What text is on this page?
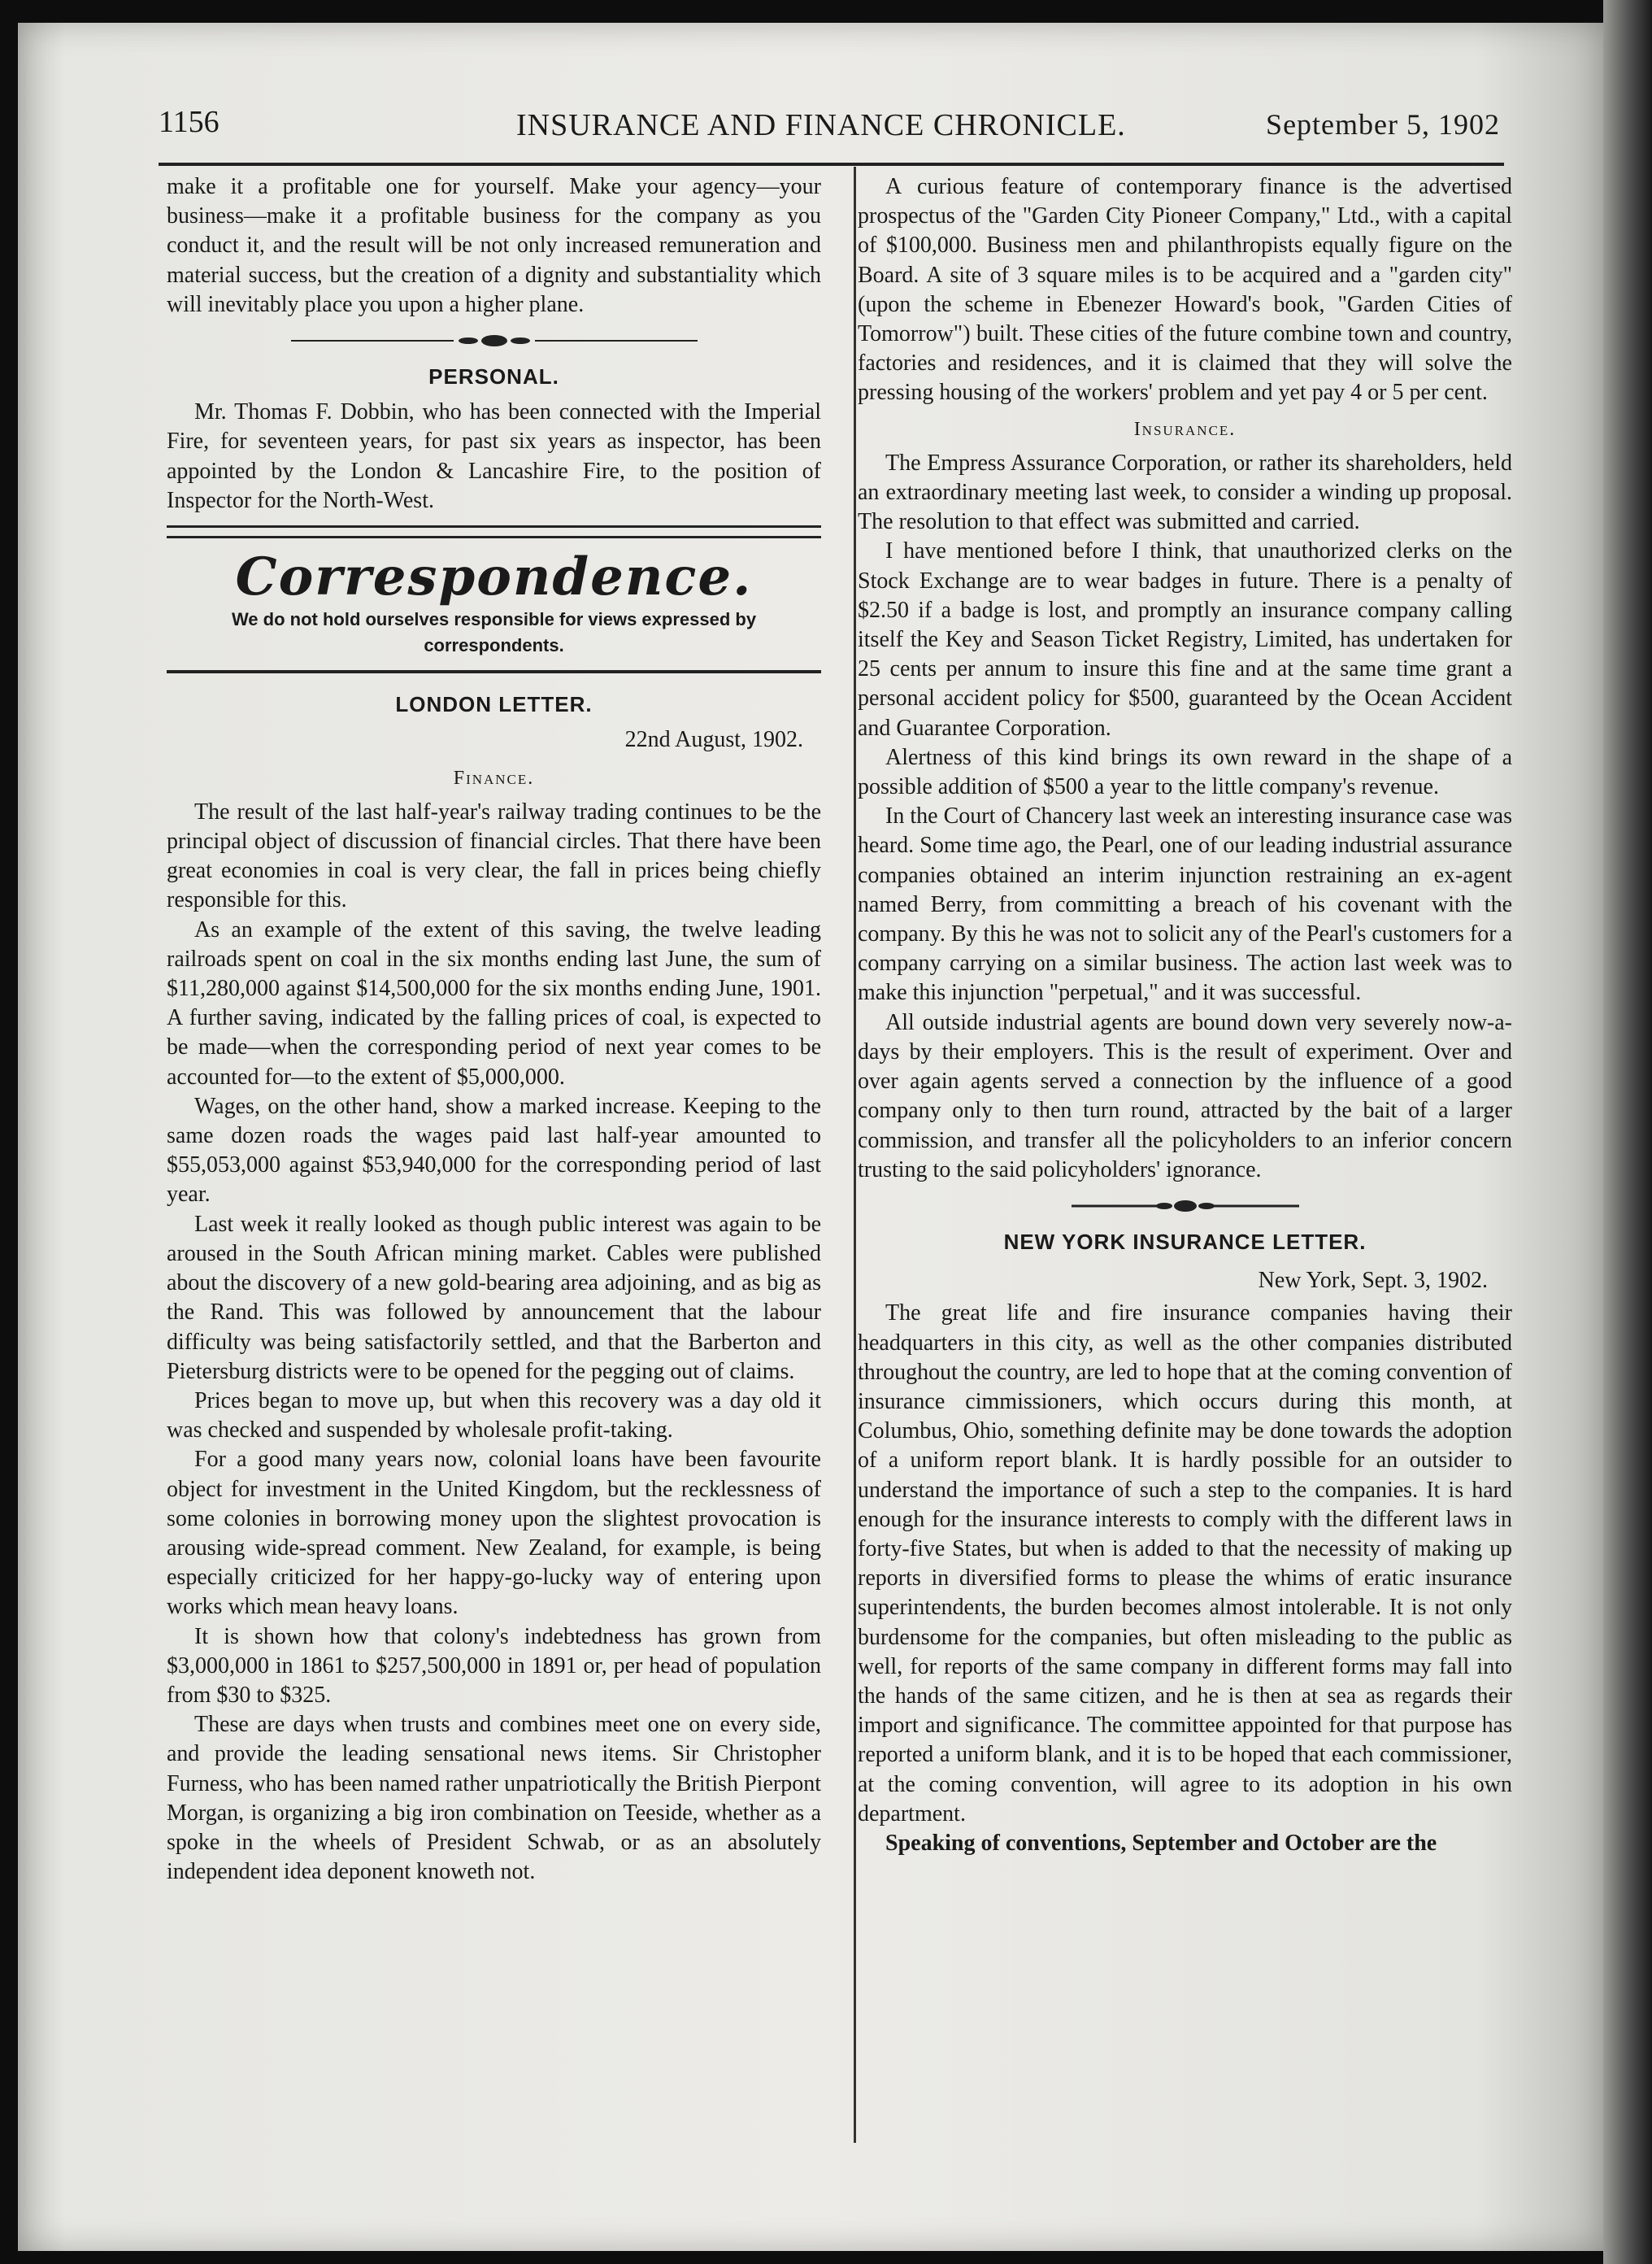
1156	INSURANCE AND FINANCE CHRONICLE.	September 5, 1902

make it a profitable one for yourself. Make your agency—your business—make it a profitable business for the company as you conduct it, and the result will be not only increased remuneration and material success, but the creation of a dignity and substantiality which will inevitably place you upon a higher plane.

PERSONAL.

Mr. Thomas F. Dobbin, who has been connected with the Imperial Fire, for seventeen years, for past six years as inspector, has been appointed by the London & Lancashire Fire, to the position of Inspector for the North-West.

Correspondence.
We do not hold ourselves responsible for views expressed by correspondents.
LONDON LETTER.
22nd August, 1902.
Finance.

The result of the last half-year's railway trading continues to be the principal object of discussion of financial circles. That there have been great economies in coal is very clear, the fall in prices being chiefly responsible for this.

As an example of the extent of this saving, the twelve leading railroads spent on coal in the six months ending last June, the sum of $11,280,000 against $14,500,000 for the six months ending June, 1901. A further saving, indicated by the falling prices of coal, is expected to be made—when the corresponding period of next year comes to be accounted for—to the extent of $5,000,000.

Wages, on the other hand, show a marked increase. Keeping to the same dozen roads the wages paid last half-year amounted to $55,053,000 against $53,940,000 for the corresponding period of last year.

Last week it really looked as though public interest was again to be aroused in the South African mining market. Cables were published about the discovery of a new gold-bearing area adjoining, and as big as the Rand. This was followed by announcement that the labour difficulty was being satisfactorily settled, and that the Barberton and Pietersburg districts were to be opened for the pegging out of claims.

Prices began to move up, but when this recovery was a day old it was checked and suspended by wholesale profit-taking.

For a good many years now, colonial loans have been favourite object for investment in the United Kingdom, but the recklessness of some colonies in borrowing money upon the slightest provocation is arousing wide-spread comment. New Zealand, for example, is being especially criticized for her happy-go-lucky way of entering upon works which mean heavy loans.

It is shown how that colony's indebtedness has grown from $3,000,000 in 1861 to $257,500,000 in 1891 or, per head of population from $30 to $325.

These are days when trusts and combines meet one on every side, and provide the leading sensational news items. Sir Christopher Furness, who has been named rather unpatriotically the British Pierpont Morgan, is organizing a big iron combination on Teeside, whether as a spoke in the wheels of President Schwab, or as an absolutely independent idea deponent knoweth not.

A curious feature of contemporary finance is the advertised prospectus of the "Garden City Pioneer Company," Ltd., with a capital of $100,000. Business men and philanthropists equally figure on the Board. A site of 3 square miles is to be acquired and a "garden city" (upon the scheme in Ebenezer Howard's book, "Garden Cities of Tomorrow") built. These cities of the future combine town and country, factories and residences, and it is claimed that they will solve the pressing housing of the workers' problem and yet pay 4 or 5 per cent.

Insurance.

The Empress Assurance Corporation, or rather its shareholders, held an extraordinary meeting last week, to consider a winding up proposal. The resolution to that effect was submitted and carried.

I have mentioned before I think, that unauthorized clerks on the Stock Exchange are to wear badges in future. There is a penalty of $2.50 if a badge is lost, and promptly an insurance company calling itself the Key and Season Ticket Registry, Limited, has undertaken for 25 cents per annum to insure this fine and at the same time grant a personal accident policy for $500, guaranteed by the Ocean Accident and Guarantee Corporation.

Alertness of this kind brings its own reward in the shape of a possible addition of $500 a year to the little company's revenue.

In the Court of Chancery last week an interesting insurance case was heard. Some time ago, the Pearl, one of our leading industrial assurance companies obtained an interim injunction restraining an ex-agent named Berry, from committing a breach of his covenant with the company. By this he was not to solicit any of the Pearl's customers for a company carrying on a similar business. The action last week was to make this injunction "perpetual," and it was successful.

All outside industrial agents are bound down very severely now-a-days by their employers. This is the result of experiment. Over and over again agents served a connection by the influence of a good company only to then turn round, attracted by the bait of a larger commission, and transfer all the policyholders to an inferior concern trusting to the said policyholders' ignorance.

NEW YORK INSURANCE LETTER.
New York, Sept. 3, 1902.

The great life and fire insurance companies having their headquarters in this city, as well as the other companies distributed throughout the country, are led to hope that at the coming convention of insurance cimmissioners, which occurs during this month, at Columbus, Ohio, something definite may be done towards the adoption of a uniform report blank. It is hardly possible for an outsider to understand the importance of such a step to the companies. It is hard enough for the insurance interests to comply with the different laws in forty-five States, but when is added to that the necessity of making up reports in diversified forms to please the whims of eratic insurance superintendents, the burden becomes almost intolerable. It is not only burdensome for the companies, but often misleading to the public as well, for reports of the same company in different forms may fall into the hands of the same citizen, and he is then at sea as regards their import and significance. The committee appointed for that purpose has reported a uniform blank, and it is to be hoped that each commissioner, at the coming convention, will agree to its adoption in his own department.

Speaking of conventions, September and October are the
